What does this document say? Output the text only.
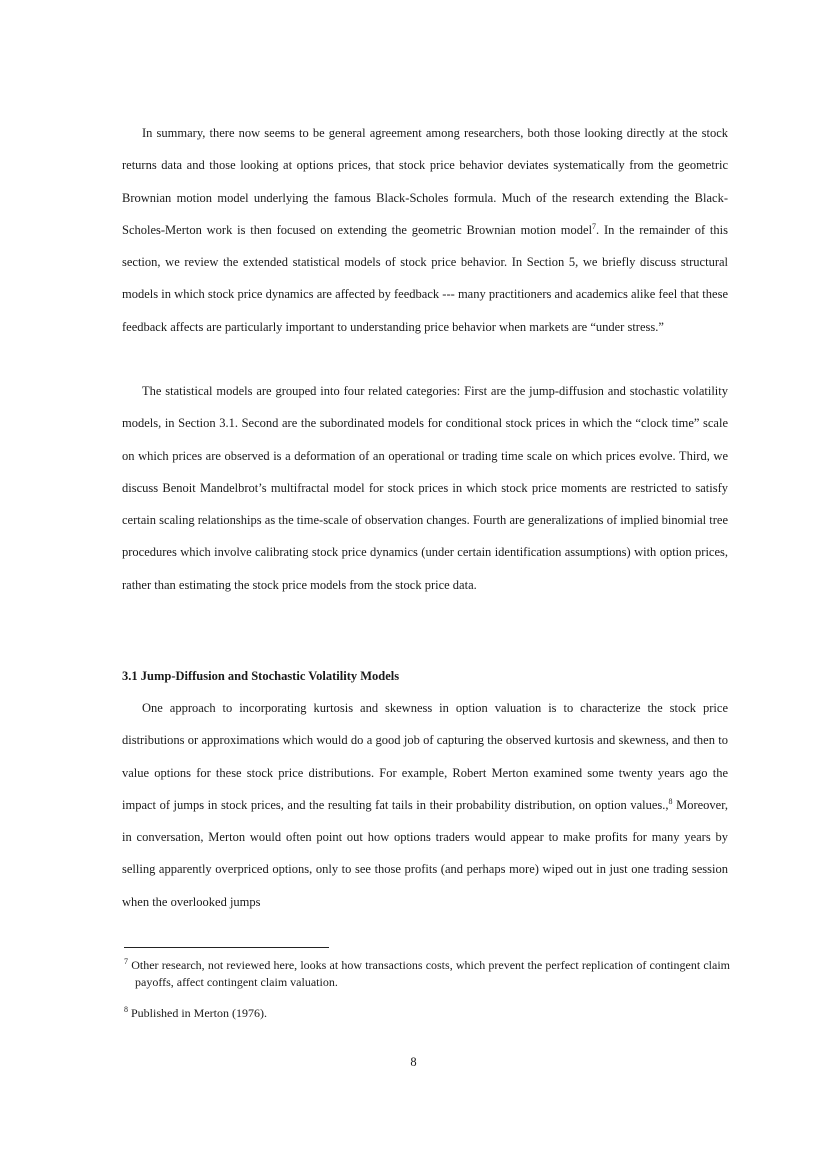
In summary, there now seems to be general agreement among researchers, both those looking directly at the stock returns data and those looking at options prices, that stock price behavior deviates systematically from the geometric Brownian motion model underlying the famous Black-Scholes formula. Much of the research extending the Black-Scholes-Merton work is then focused on extending the geometric Brownian motion model$^7$. In the remainder of this section, we review the extended statistical models of stock price behavior. In Section 5, we briefly discuss structural models in which stock price dynamics are affected by feedback --- many practitioners and academics alike feel that these feedback affects are particularly important to understanding price behavior when markets are “under stress.”

The statistical models are grouped into four related categories: First are the jump-diffusion and stochastic volatility models, in Section 3.1. Second are the subordinated models for conditional stock prices in which the “clock time” scale on which prices are observed is a deformation of an operational or trading time scale on which prices evolve. Third, we discuss Benoit Mandelbrot’s multifractal model for stock prices in which stock price moments are restricted to satisfy certain scaling relationships as the time-scale of observation changes. Fourth are generalizations of implied binomial tree procedures which involve calibrating stock price dynamics (under certain identification assumptions) with option prices, rather than estimating the stock price models from the stock price data.

3.1 Jump-Diffusion and Stochastic Volatility Models

One approach to incorporating kurtosis and skewness in option valuation is to characterize the stock price distributions or approximations which would do a good job of capturing the observed kurtosis and skewness, and then to value options for these stock price distributions. For example, Robert Merton examined some twenty years ago the impact of jumps in stock prices, and the resulting fat tails in their probability distribution, on option values.,$^8$ Moreover, in conversation, Merton would often point out how options traders would appear to make profits for many years by selling apparently overpriced options, only to see those profits (and perhaps more) wiped out in just one trading session when the overlooked jumps

$^7$ Other research, not reviewed here, looks at how transactions costs, which prevent the perfect replication of contingent claim payoffs, affect contingent claim valuation.

$^8$ Published in Merton (1976).

8
